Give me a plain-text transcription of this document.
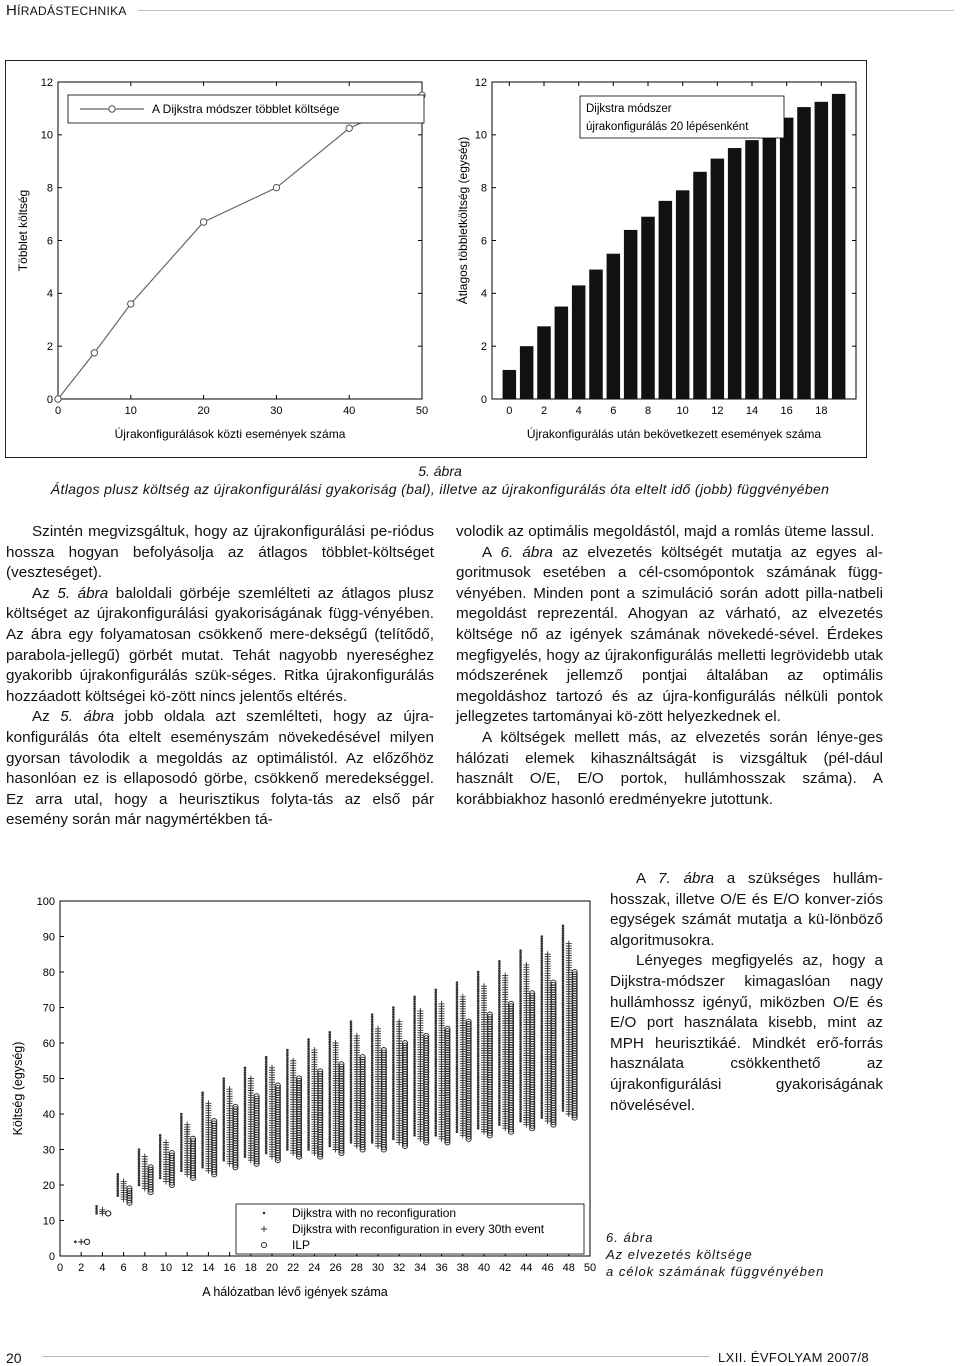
HÍRADÁSTECHNIKA
0	10	20	30	40	50
0
2
4
6
8
10
12
A Dijkstra módszer többlet költsége
Újrakonfigurálások közti események száma
Többlet költség
0	2	4	6	8 10 12 14 16 18
0
2
4
6
8
10
12
Dijkstra módszer
újrakonfigurálás 20 lépésenként
Újrakonfigurálás után bekövetkezett események száma
Átlagos többletköltség (egység)
5. ábra
Átlagos plusz költség az újrakonfigurálási gyakoriság (bal), illetve az újrakonfigurálás óta eltelt idő (jobb) függvényében

Szintén megvizsgáltuk, hogy az újrakonfigurálási pe-riódus hossza hogyan befolyásolja az átlagos többlet-költséget (veszteséget).

Az 5. ábra baloldali görbéje szemlélteti az átlagos plusz költséget az újrakonfigurálási gyakoriságának függ-vényében. Az ábra egy folyamatosan csökkenő mere-dekségű (telítődő, parabola-jellegű) görbét mutat. Tehát nagyobb nyereséghez gyakoribb újrakonfigurálás szük-séges. Ritka újrakonfigurálás hozzáadott költségei kö-zött nincs jelentős eltérés.

Az 5. ábra jobb oldala azt szemlélteti, hogy az újra-konfigurálás óta eltelt eseményszám növekedésével milyen gyorsan távolodik a megoldás az optimálistól. Az előzőhöz hasonlóan ez is ellaposodó görbe, csökkenő meredekséggel. Ez arra utal, hogy a heurisztikus folyta-tás az első pár esemény során már nagymértékben tá-

volodik az optimális megoldástól, majd a romlás üteme lassul.

A 6. ábra az elvezetés költségét mutatja az egyes al-goritmusok esetében a cél-csomópontok számának függ-vényében. Minden pont a szimuláció során adott pilla-natbeli megoldást reprezentál. Ahogyan az várható, az elvezetés költsége nő az igények számának növekedé-sével. Érdekes megfigyelés, hogy az újrakonfigurálás melletti legrövidebb utak módszerének jellemző pontjai általában az optimális megoldáshoz tartozó és az újra-konfigurálás nélküli pontok jellegzetes tartományai kö-zött helyezkednek el.

A költségek mellett más, az elvezetés során lénye-ges hálózati elemek kihasználtságát is vizsgáltuk (pél-dául használt O/E, E/O portok, hullámhosszak száma). A korábbiakhoz hasonló eredményekre jutottunk.

A 7. ábra a szükséges hullám-hosszak, illetve O/E és E/O konver-ziós egységek számát mutatja a kü-lönböző algoritmusokra.

Lényeges megfigyelés az, hogy a Dijkstra-módszer kimagaslóan nagy hullámhossz igényű, miközben O/E és E/O port használata kisebb, mint az MPH heurisztikáé. Mindkét erő-forrás használata csökkenthető az újrakonfigurálási gyakoriságának növelésével.

0 2 4 6 8 10 12 14 16 18 20 22 24 26 28 30 32 34 36 38 40 42 44 46 48 50
0
10
20
30
40
50
60
70
80
90
100
Dijkstra with no reconfiguration
Dijkstra with reconfiguration in every 30th event
ILP
A hálózatban lévő igények száma
Költség (egység)
6. ábra
Az elvezetés költsége
a célok számának függvényében
20	LXII. ÉVFOLYAM 2007/8
